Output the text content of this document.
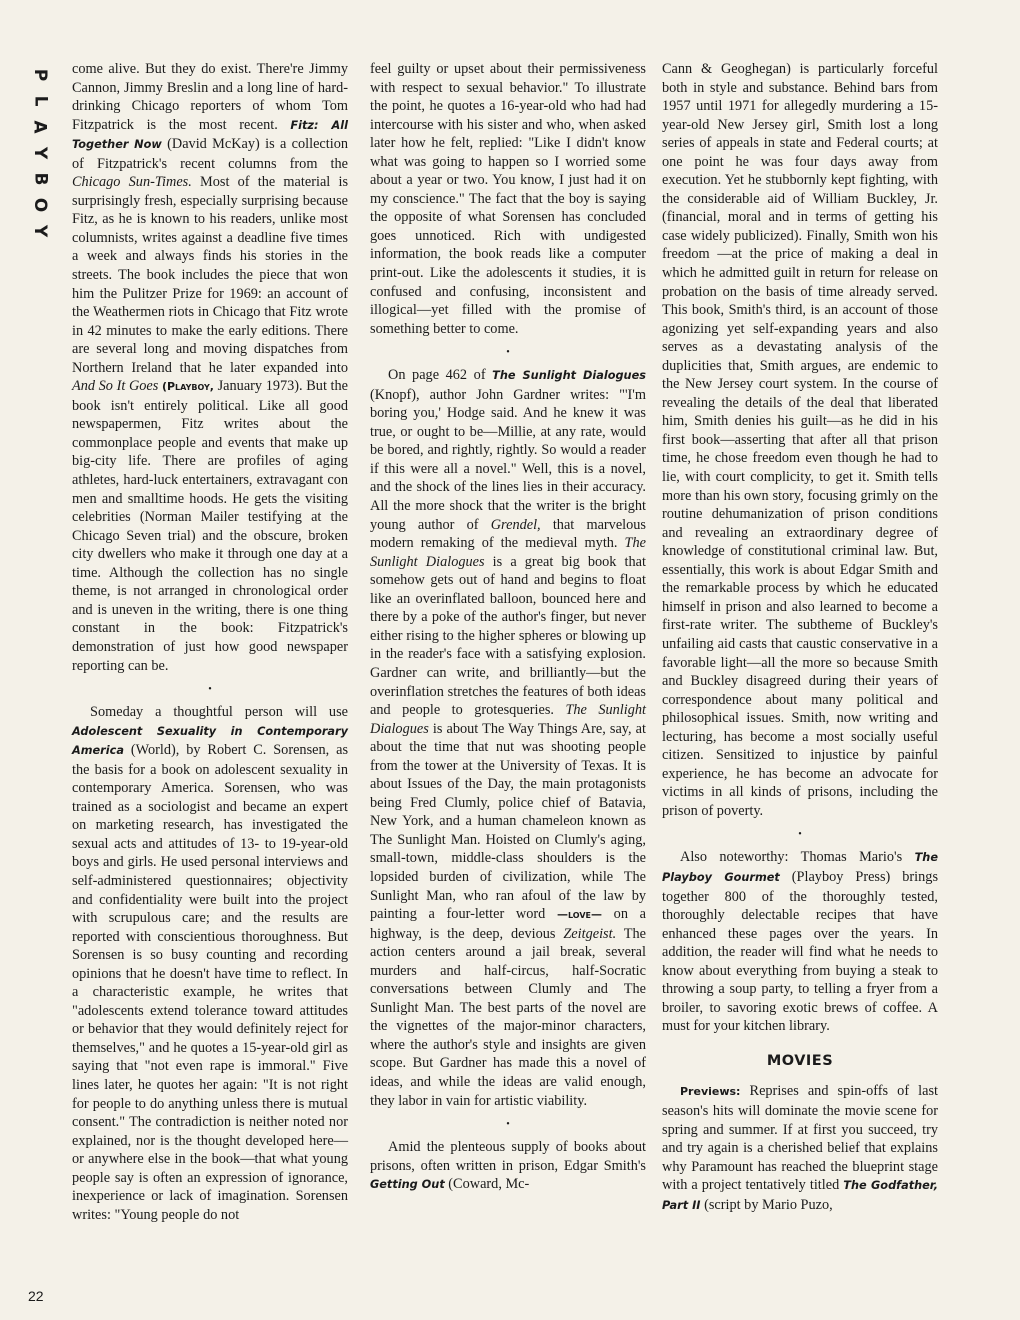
P
L
A
Y
B
O
Y
22

come alive. But they do exist. There're Jimmy Cannon, Jimmy Breslin and a long line of hard-drinking Chicago reporters of whom Tom Fitzpatrick is the most recent. Fitz: All Together Now (David McKay) is a collection of Fitzpatrick's recent columns from the Chicago Sun-Times. Most of the material is surprisingly fresh, especially surprising because Fitz, as he is known to his readers, unlike most columnists, writes against a deadline five times a week and always finds his stories in the streets. The book includes the piece that won him the Pulitzer Prize for 1969: an account of the Weathermen riots in Chicago that Fitz wrote in 42 minutes to make the early editions. There are several long and moving dispatches from Northern Ireland that he later expanded into And So It Goes (Playboy, January 1973). But the book isn't entirely political. Like all good newspapermen, Fitz writes about the commonplace people and events that make up big-city life. There are profiles of aging athletes, hard-luck entertainers, extravagant con men and smalltime hoods. He gets the visiting celebrities (Norman Mailer testifying at the Chicago Seven trial) and the obscure, broken city dwellers who make it through one day at a time. Although the collection has no single theme, is not arranged in chronological order and is uneven in the writing, there is one thing constant in the book: Fitzpatrick's demonstration of just how good newspaper reporting can be.

•

Someday a thoughtful person will use Adolescent Sexuality in Contemporary America (World), by Robert C. Sorensen, as the basis for a book on adolescent sexuality in contemporary America. Sorensen, who was trained as a sociologist and became an expert on marketing research, has investigated the sexual acts and attitudes of 13- to 19-year-old boys and girls. He used personal interviews and self-administered questionnaires; objectivity and confidentiality were built into the project with scrupulous care; and the results are reported with conscientious thoroughness. But Sorensen is so busy counting and recording opinions that he doesn't have time to reflect. In a characteristic example, he writes that "adolescents extend tolerance toward attitudes or behavior that they would definitely reject for themselves," and he quotes a 15-year-old girl as saying that "not even rape is immoral." Five lines later, he quotes her again: "It is not right for people to do anything unless there is mutual consent." The contradiction is neither noted nor explained, nor is the thought developed here—or anywhere else in the book—that what young people say is often an expression of ignorance, inexperience or lack of imagination. Sorensen writes: "Young people do not

feel guilty or upset about their permissiveness with respect to sexual behavior." To illustrate the point, he quotes a 16-year-old who had had intercourse with his sister and who, when asked later how he felt, replied: "Like I didn't know what was going to happen so I worried some about a year or two. You know, I just had it on my conscience." The fact that the boy is saying the opposite of what Sorensen has concluded goes unnoticed. Rich with undigested information, the book reads like a computer print-out. Like the adolescents it studies, it is confused and confusing, inconsistent and illogical—yet filled with the promise of something better to come.

•

On page 462 of The Sunlight Dialogues (Knopf), author John Gardner writes: "'I'm boring you,' Hodge said. And he knew it was true, or ought to be—Millie, at any rate, would be bored, and rightly, rightly. So would a reader if this were all a novel." Well, this is a novel, and the shock of the lines lies in their accuracy. All the more shock that the writer is the bright young author of Grendel, that marvelous modern remaking of the medieval myth. The Sunlight Dialogues is a great big book that somehow gets out of hand and begins to float like an overinflated balloon, bounced here and there by a poke of the author's finger, but never either rising to the higher spheres or blowing up in the reader's face with a satisfying explosion. Gardner can write, and brilliantly—but the overinflation stretches the features of both ideas and people to grotesqueries. The Sunlight Dialogues is about The Way Things Are, say, at about the time that nut was shooting people from the tower at the University of Texas. It is about Issues of the Day, the main protagonists being Fred Clumly, police chief of Batavia, New York, and a human chameleon known as The Sunlight Man. Hoisted on Clumly's aging, small-town, middle-class shoulders is the lopsided burden of civilization, while The Sunlight Man, who ran afoul of the law by painting a four-letter word —love— on a highway, is the deep, devious Zeitgeist. The action centers around a jail break, several murders and half-circus, half-Socratic conversations between Clumly and The Sunlight Man. The best parts of the novel are the vignettes of the major-minor characters, where the author's style and insights are given scope. But Gardner has made this a novel of ideas, and while the ideas are valid enough, they labor in vain for artistic viability.

•

Amid the plenteous supply of books about prisons, often written in prison, Edgar Smith's Getting Out (Coward, Mc-

Cann & Geoghegan) is particularly forceful both in style and substance. Behind bars from 1957 until 1971 for allegedly murdering a 15-year-old New Jersey girl, Smith lost a long series of appeals in state and Federal courts; at one point he was four days away from execution. Yet he stubbornly kept fighting, with the considerable aid of William Buckley, Jr. (financial, moral and in terms of getting his case widely publicized). Finally, Smith won his freedom —at the price of making a deal in which he admitted guilt in return for release on probation on the basis of time already served. This book, Smith's third, is an account of those agonizing yet self-expanding years and also serves as a devastating analysis of the duplicities that, Smith argues, are endemic to the New Jersey court system. In the course of revealing the details of the deal that liberated him, Smith denies his guilt—as he did in his first book—asserting that after all that prison time, he chose freedom even though he had to lie, with court complicity, to get it. Smith tells more than his own story, focusing grimly on the routine dehumanization of prison conditions and revealing an extraordinary degree of knowledge of constitutional criminal law. But, essentially, this work is about Edgar Smith and the remarkable process by which he educated himself in prison and also learned to become a first-rate writer. The subtheme of Buckley's unfailing aid casts that caustic conservative in a favorable light—all the more so because Smith and Buckley disagreed during their years of correspondence about many political and philosophical issues. Smith, now writing and lecturing, has become a most socially useful citizen. Sensitized to injustice by painful experience, he has become an advocate for victims in all kinds of prisons, including the prison of poverty.

•

Also noteworthy: Thomas Mario's The Playboy Gourmet (Playboy Press) brings together 800 of the thoroughly tested, thoroughly delectable recipes that have enhanced these pages over the years. In addition, the reader will find what he needs to know about everything from buying a steak to throwing a soup party, to telling a fryer from a broiler, to savoring exotic brews of coffee. A must for your kitchen library.

MOVIES

Previews: Reprises and spin-offs of last season's hits will dominate the movie scene for spring and summer. If at first you succeed, try and try again is a cherished belief that explains why Paramount has reached the blueprint stage with a project tentatively titled The Godfather, Part II (script by Mario Puzo,
